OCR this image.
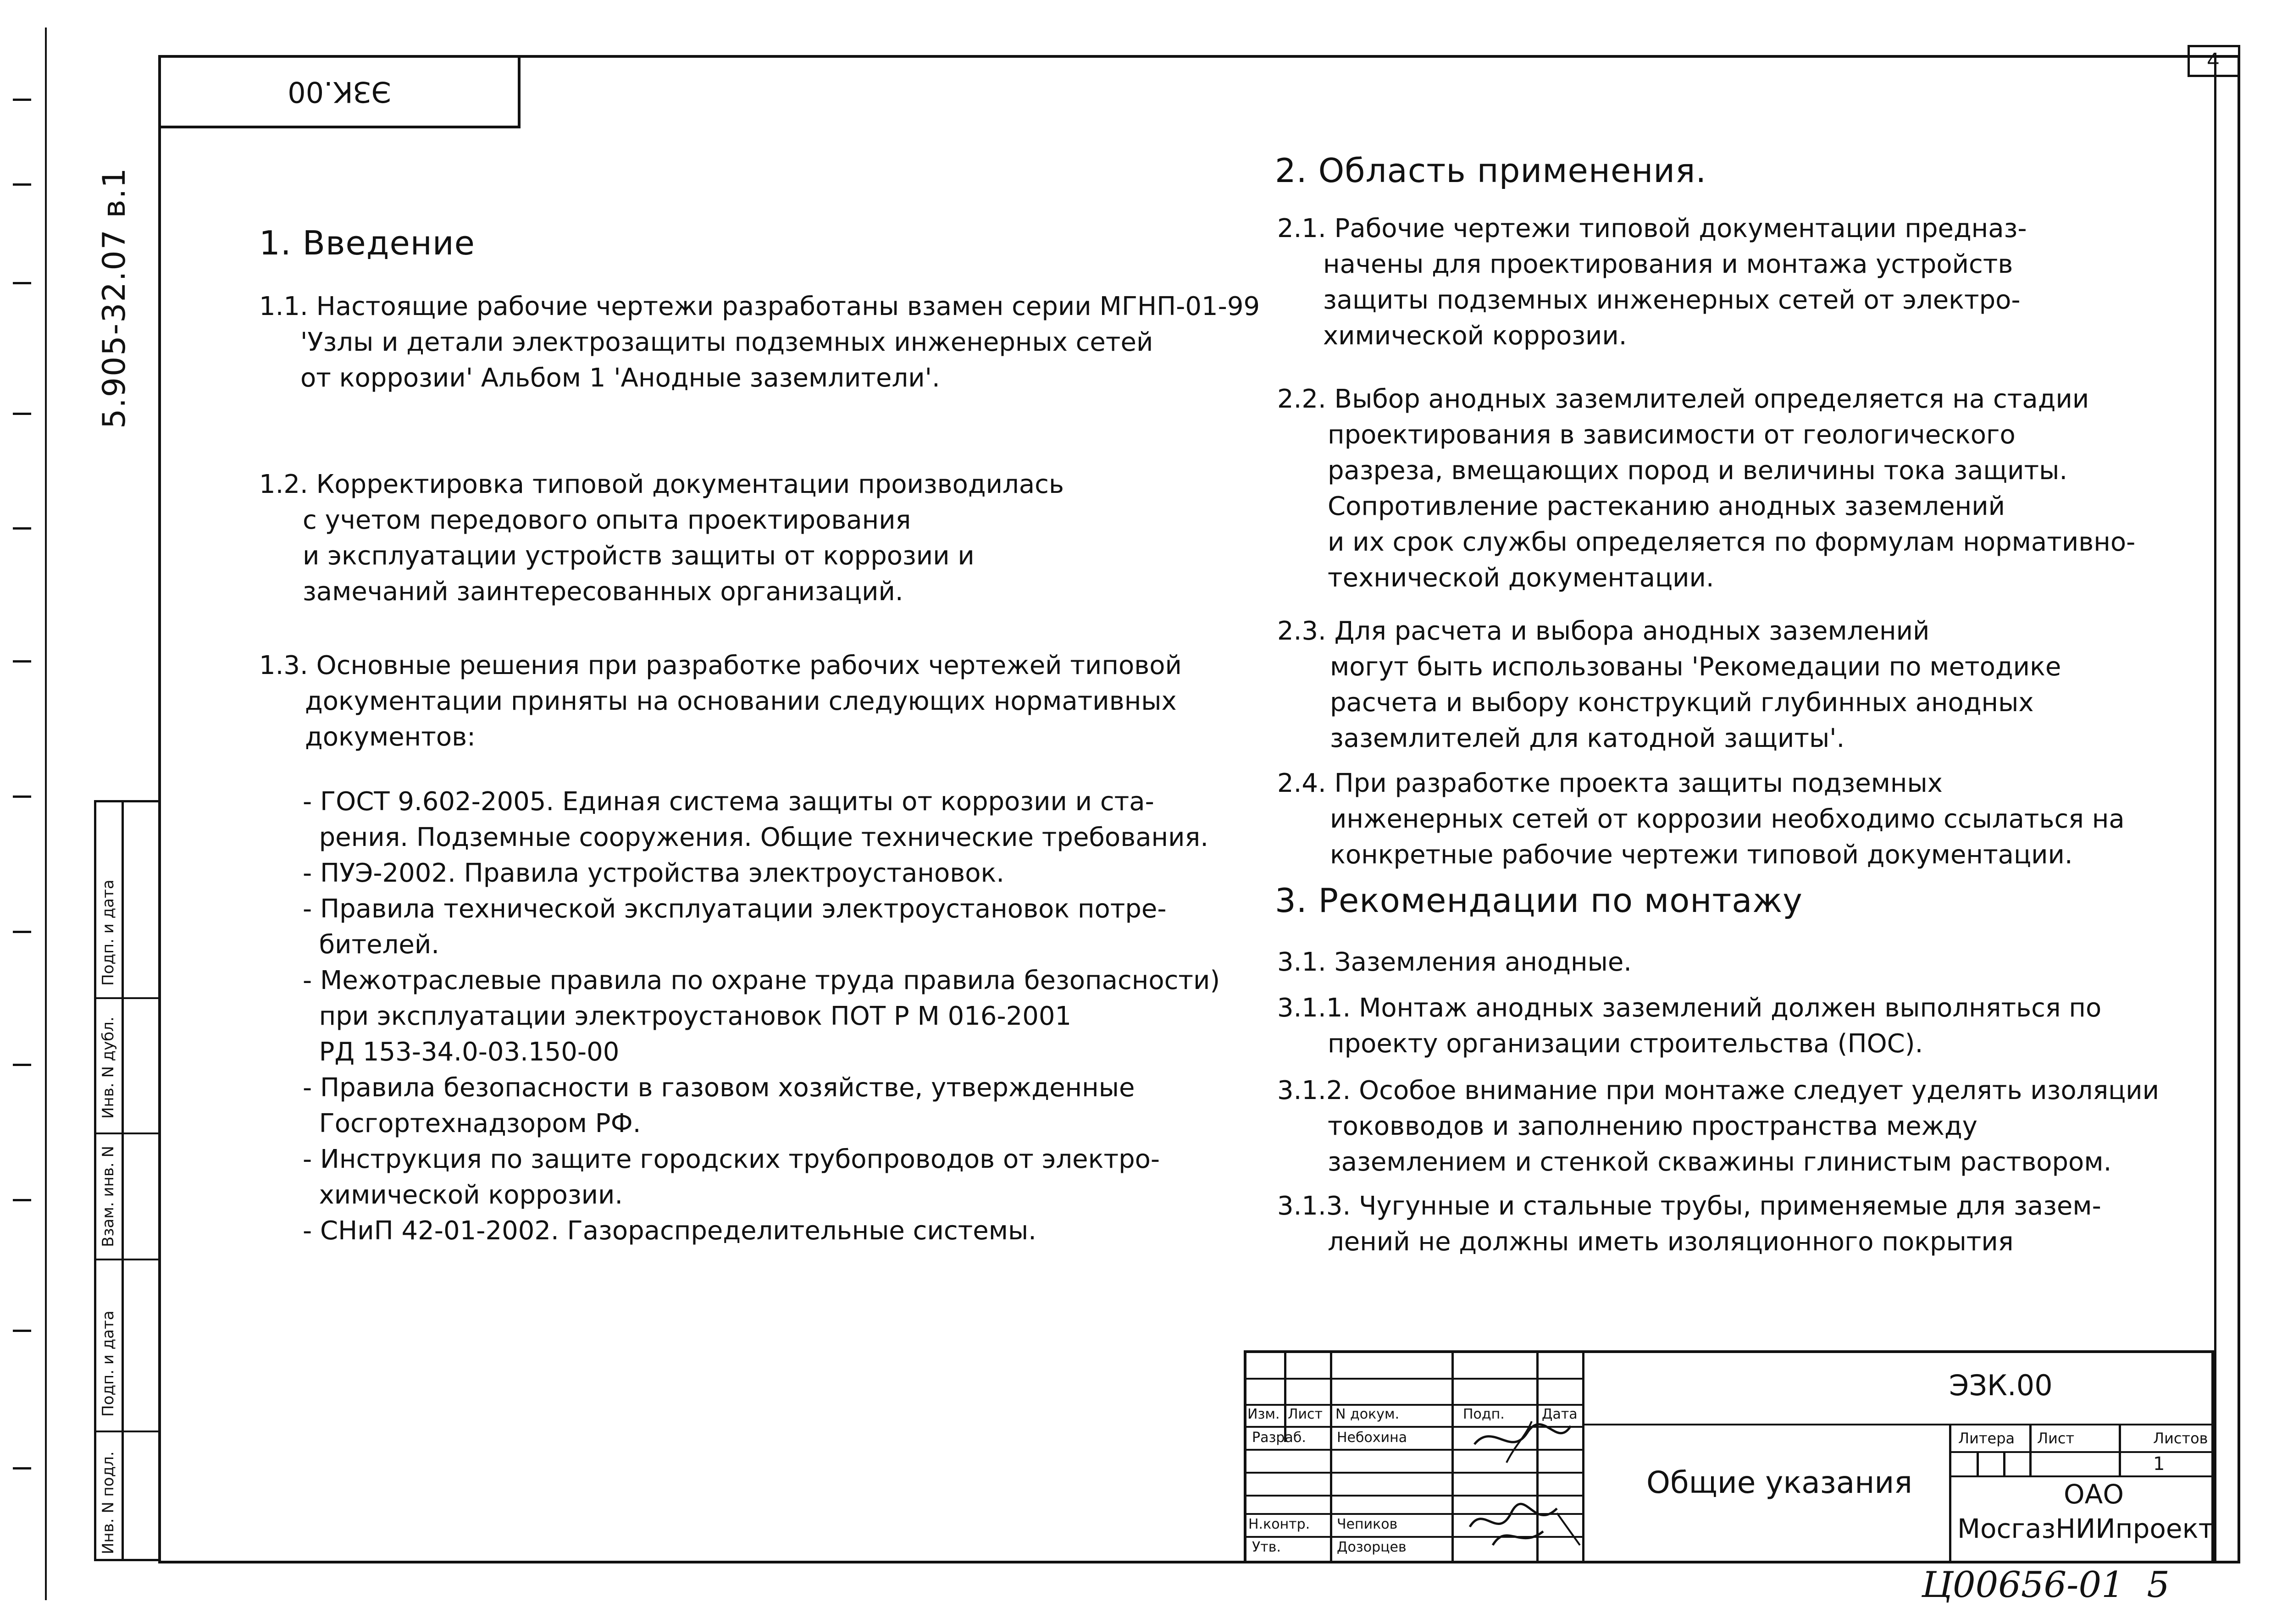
5.905-32.07 в.1
4
ЭЗК.00
1. Введение
1.1. Настоящие рабочие чертежи разработаны взамен серии МГНП-01-99
'Узлы и детали электрозащиты подземных инженерных сетей
от коррозии' Альбом 1 'Анодные заземлители'.
1.2. Корректировка типовой документации производилась
с учетом передового опыта проектирования
и эксплуатации устройств защиты от коррозии и
замечаний заинтересованных организаций.
1.3. Основные решения при разработке рабочих чертежей типовой
документации приняты на основании следующих нормативных
документов:
- ГОСТ 9.602-2005. Единая система защиты от коррозии и ста-
рения. Подземные сооружения. Общие технические требования.
- ПУЭ-2002. Правила устройства электроустановок.
- Правила технической эксплуатации электроустановок потре-
бителей.
- Межотраслевые правила по охране труда правила безопасности)
при эксплуатации электроустановок ПОТ Р М 016-2001
РД 153-34.0-03.150-00
- Правила безопасности в газовом хозяйстве, утвержденные
Госгортехнадзором РФ.
- Инструкция по защите городских трубопроводов от электро-
химической коррозии.
- СНиП 42-01-2002. Газораспределительные системы.
2. Область применения.
2.1. Рабочие чертежи типовой документации предназ-
начены для проектирования и монтажа устройств
защиты подземных инженерных сетей от электро-
химической коррозии.
2.2. Выбор анодных заземлителей определяется на стадии
проектирования в зависимости от геологического
разреза, вмещающих пород и величины тока защиты.
Сопротивление растеканию анодных заземлений
и их срок службы определяется по формулам нормативно-
технической документации.
2.3. Для расчета и выбора анодных заземлений
могут быть использованы 'Рекомедации по методике
расчета и выбору конструкций глубинных анодных
заземлителей для катодной защиты'.
2.4. При разработке проекта защиты подземных
инженерных сетей от коррозии необходимо ссылаться на
конкретные рабочие чертежи типовой документации.
3. Рекомендации по монтажу
3.1. Заземления анодные.
3.1.1. Монтаж анодных заземлений должен выполняться по
проекту организации строительства (ПОС).
3.1.2. Особое внимание при монтаже следует уделять изоляции
токовводов и заполнению пространства между
заземлением и стенкой скважины глинистым раствором.
3.1.3. Чугунные и стальные трубы, применяемые для зазем-
лений не должны иметь изоляционного покрытия
Подп. и дата
Инв. N дубл.
Взам. инв. N
Подп. и дата
Инв. N подл.
Изм. Лист N докум.	Подп.	Дата
Разраб. Небохина
Н.контр. Чепиков
Утв.	Дозорцев
ЭЗК.00
Общие указания
Литера Лист	Листов
1
ОАО
МосгазНИИпроект
Ц00656-01  5
